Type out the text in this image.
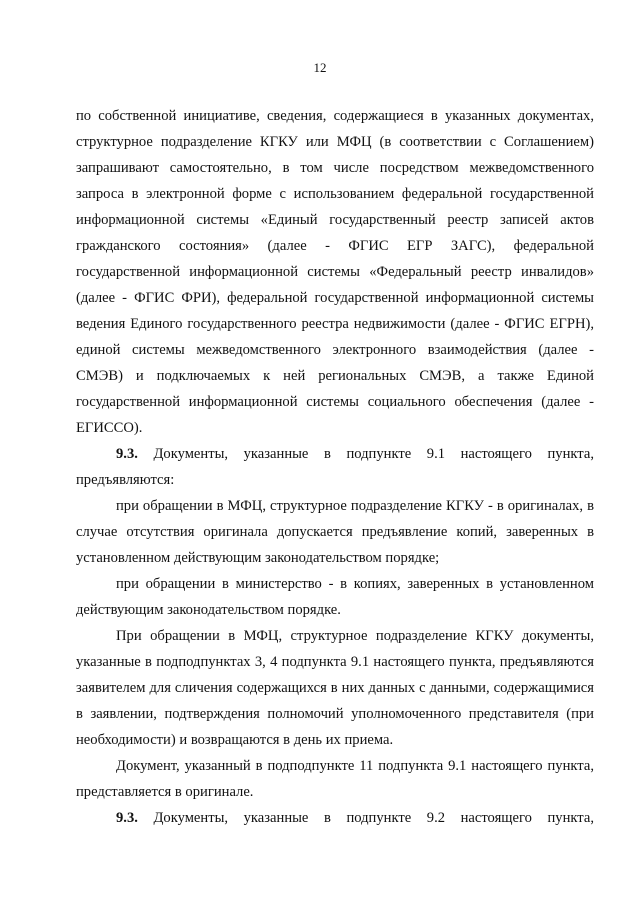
12

по собственной инициативе, сведения, содержащиеся в указанных документах, структурное подразделение КГКУ или МФЦ (в соответствии с Соглашением) запрашивают самостоятельно, в том числе посредством межведомственного запроса в электронной форме с использованием федеральной государственной информационной системы «Единый государственный реестр записей актов гражданского состояния» (далее - ФГИС ЕГР ЗАГС), федеральной государственной информационной системы «Федеральный реестр инвалидов» (далее - ФГИС ФРИ), федеральной государственной информационной системы ведения Единого государственного реестра недвижимости (далее - ФГИС ЕГРН), единой системы межведомственного электронного взаимодействия (далее - СМЭВ) и подключаемых к ней региональных СМЭВ, а также Единой государственной информационной системы социального обеспечения (далее - ЕГИССО).

9.3. Документы, указанные в подпункте 9.1 настоящего пункта, предъявляются:

при обращении в МФЦ, структурное подразделение КГКУ - в оригиналах, в случае отсутствия оригинала допускается предъявление копий, заверенных в установленном действующим законодательством порядке;

при обращении в министерство - в копиях, заверенных в установленном действующим законодательством порядке.

При обращении в МФЦ, структурное подразделение КГКУ документы, указанные в подподпунктах 3, 4 подпункта 9.1 настоящего пункта, предъявляются заявителем для сличения содержащихся в них данных с данными, содержащимися в заявлении, подтверждения полномочий уполномоченного представителя (при необходимости) и возвращаются в день их приема.

Документ, указанный в подподпункте 11 подпункта 9.1 настоящего пункта, представляется в оригинале.

9.3. Документы, указанные в подпункте 9.2 настоящего пункта,
